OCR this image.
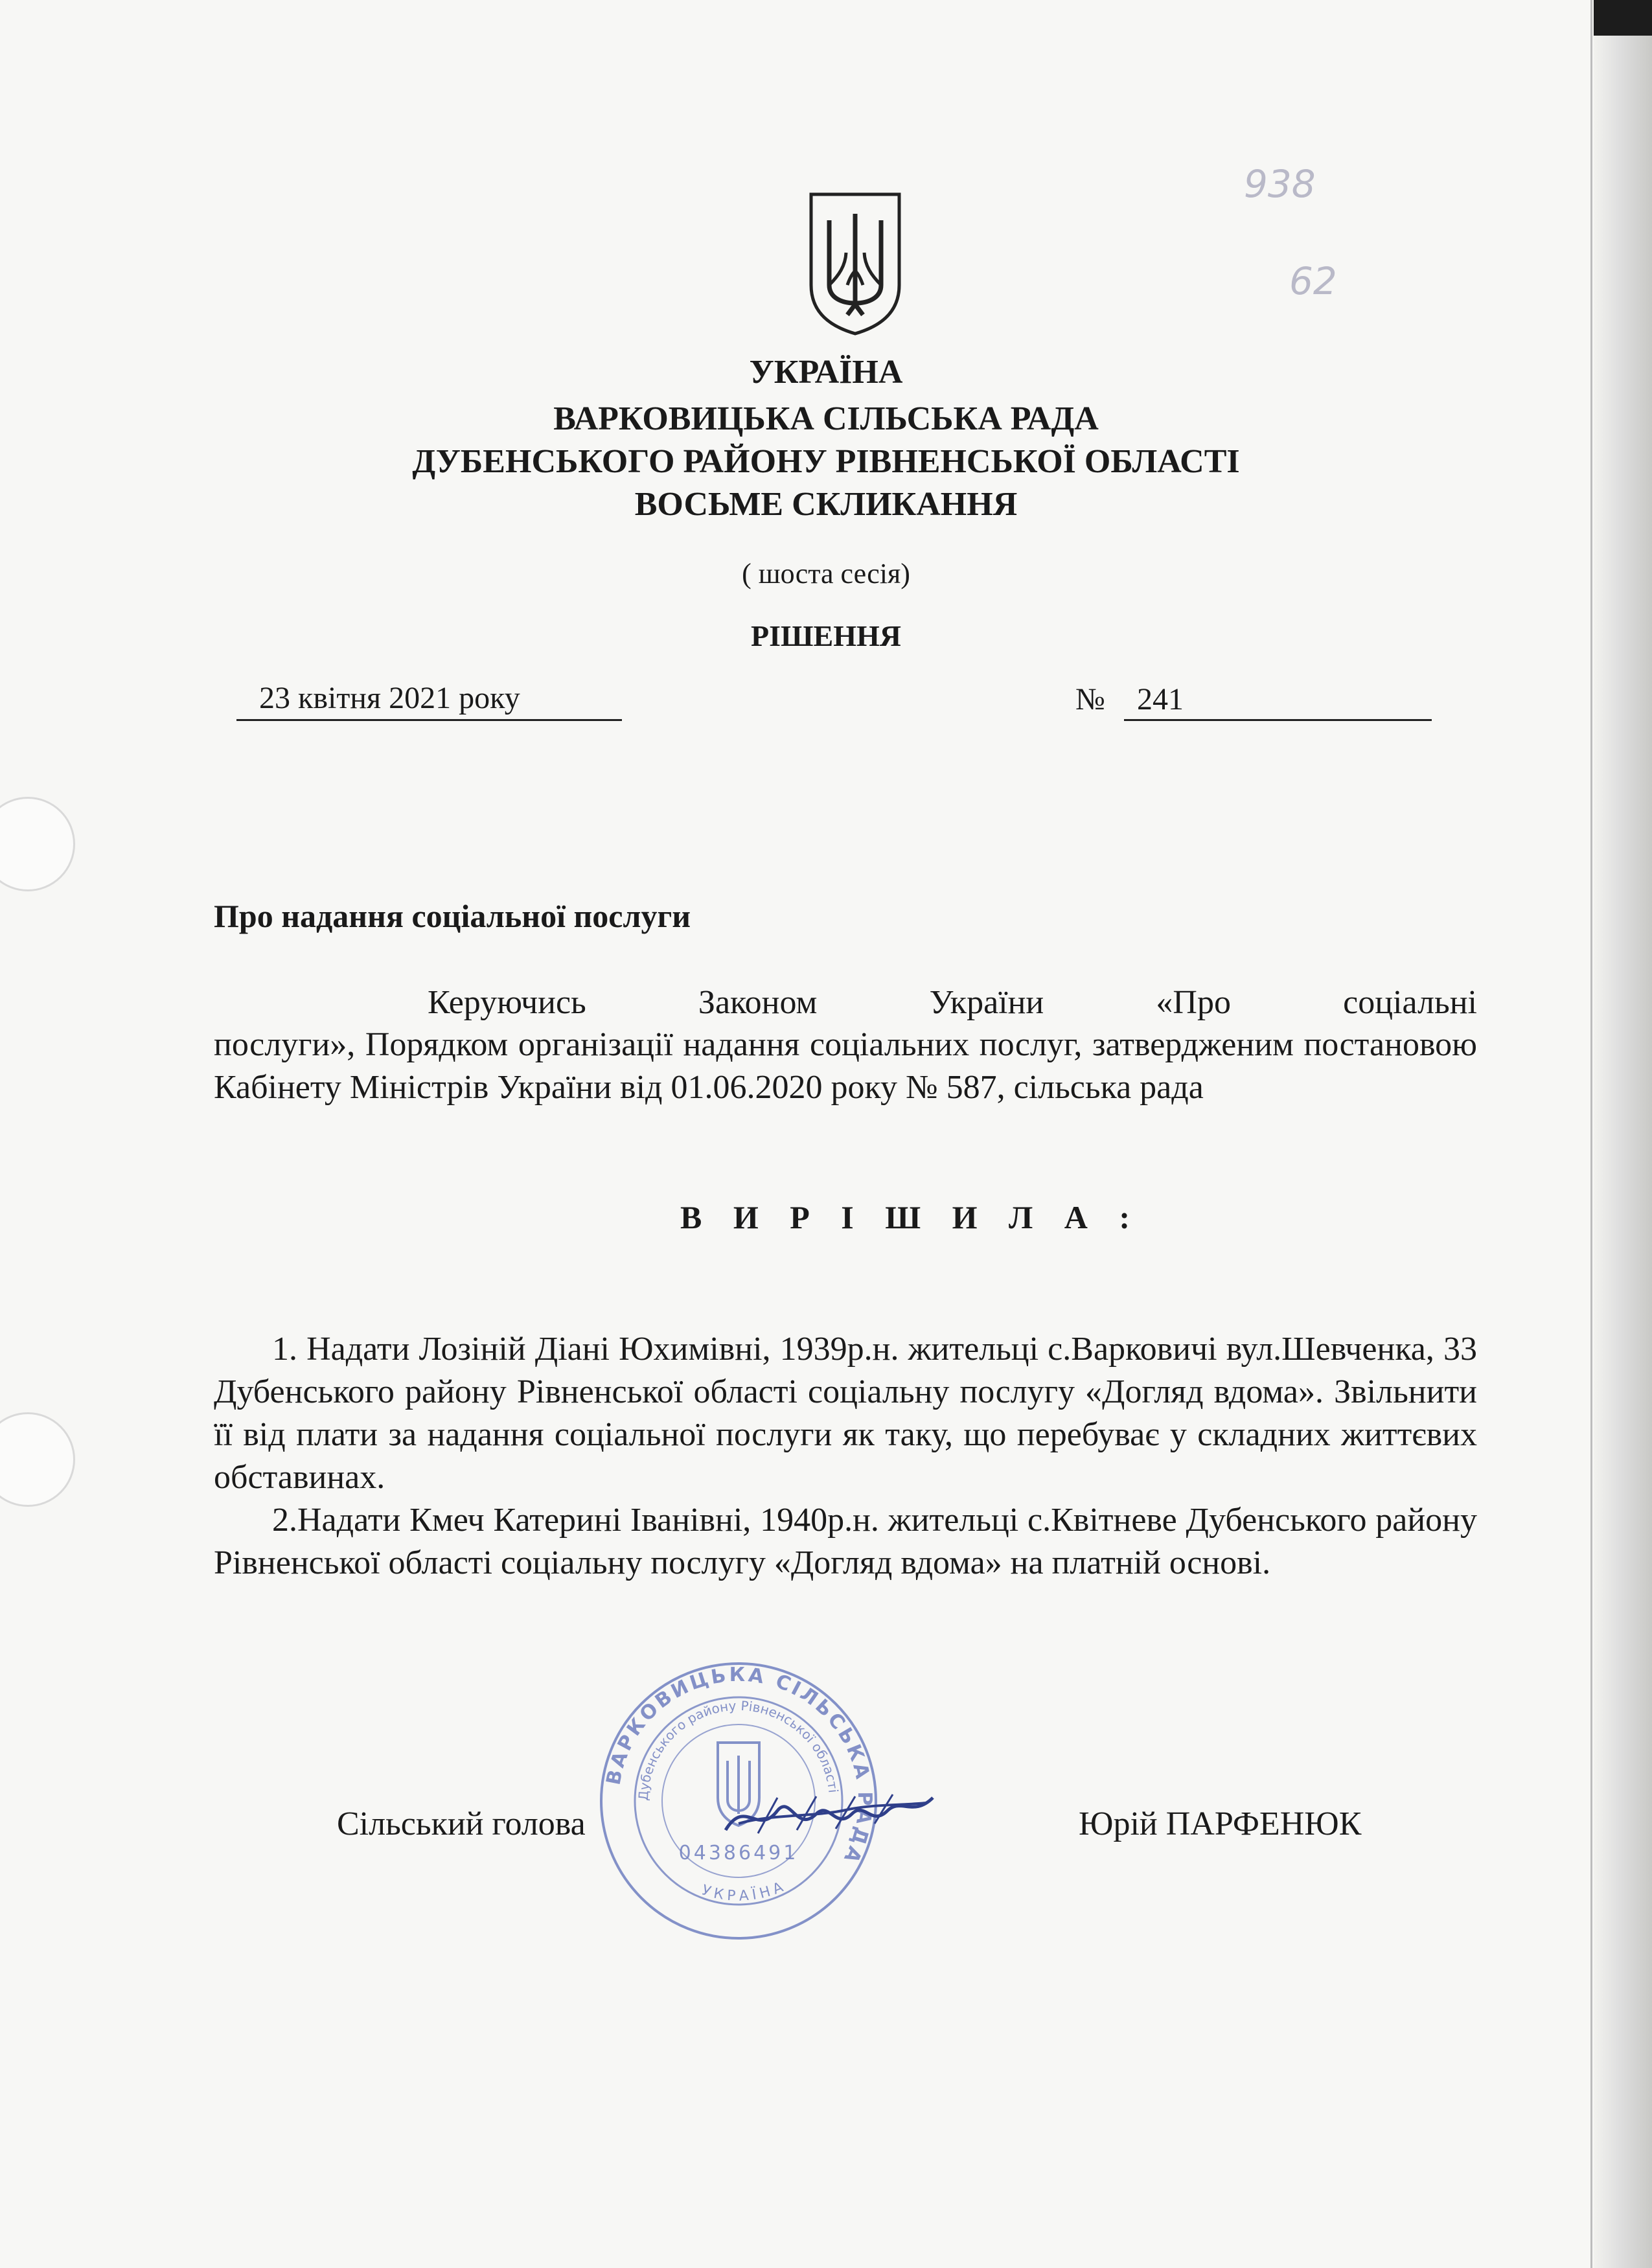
938
62
УКРАЇНА
ВАРКОВИЦЬКА СІЛЬСЬКА РАДА
ДУБЕНСЬКОГО РАЙОНУ РІВНЕНСЬКОЇ ОБЛАСТІ
ВОСЬМЕ СКЛИКАННЯ
( шоста сесія)
РІШЕННЯ
23 квітня 2021 року	№ 241
Про надання соціальної послуги
Керуючись	Законом	України	«Про	соціальні

послуги», Порядком організації надання соціальних послуг, затвердженим постановою Кабінету Міністрів України від 01.06.2020 року № 587, сільська рада

В И Р І Ш И Л А :

1. Надати Лозіній Діані Юхимівні, 1939р.н. жительці с.Варковичі вул.Шевченка, 33 Дубенського району Рівненської області соціальну послугу «Догляд вдома». Звільнити її від плати за надання соціальної послуги як таку, що перебуває у складних життєвих обставинах.

2.Надати Кмеч Катерині Іванівні, 1940р.н. жительці с.Квітневе Дубенського району Рівненської області соціальну послугу «Догляд вдома» на платній основі.

ВАРКОВИЦЬКА СІЛЬСЬКА РАДА
Дубенського району Рівненської області
УКРАЇНА
04386491
Сільський голова	Юрій ПАРФЕНЮК
